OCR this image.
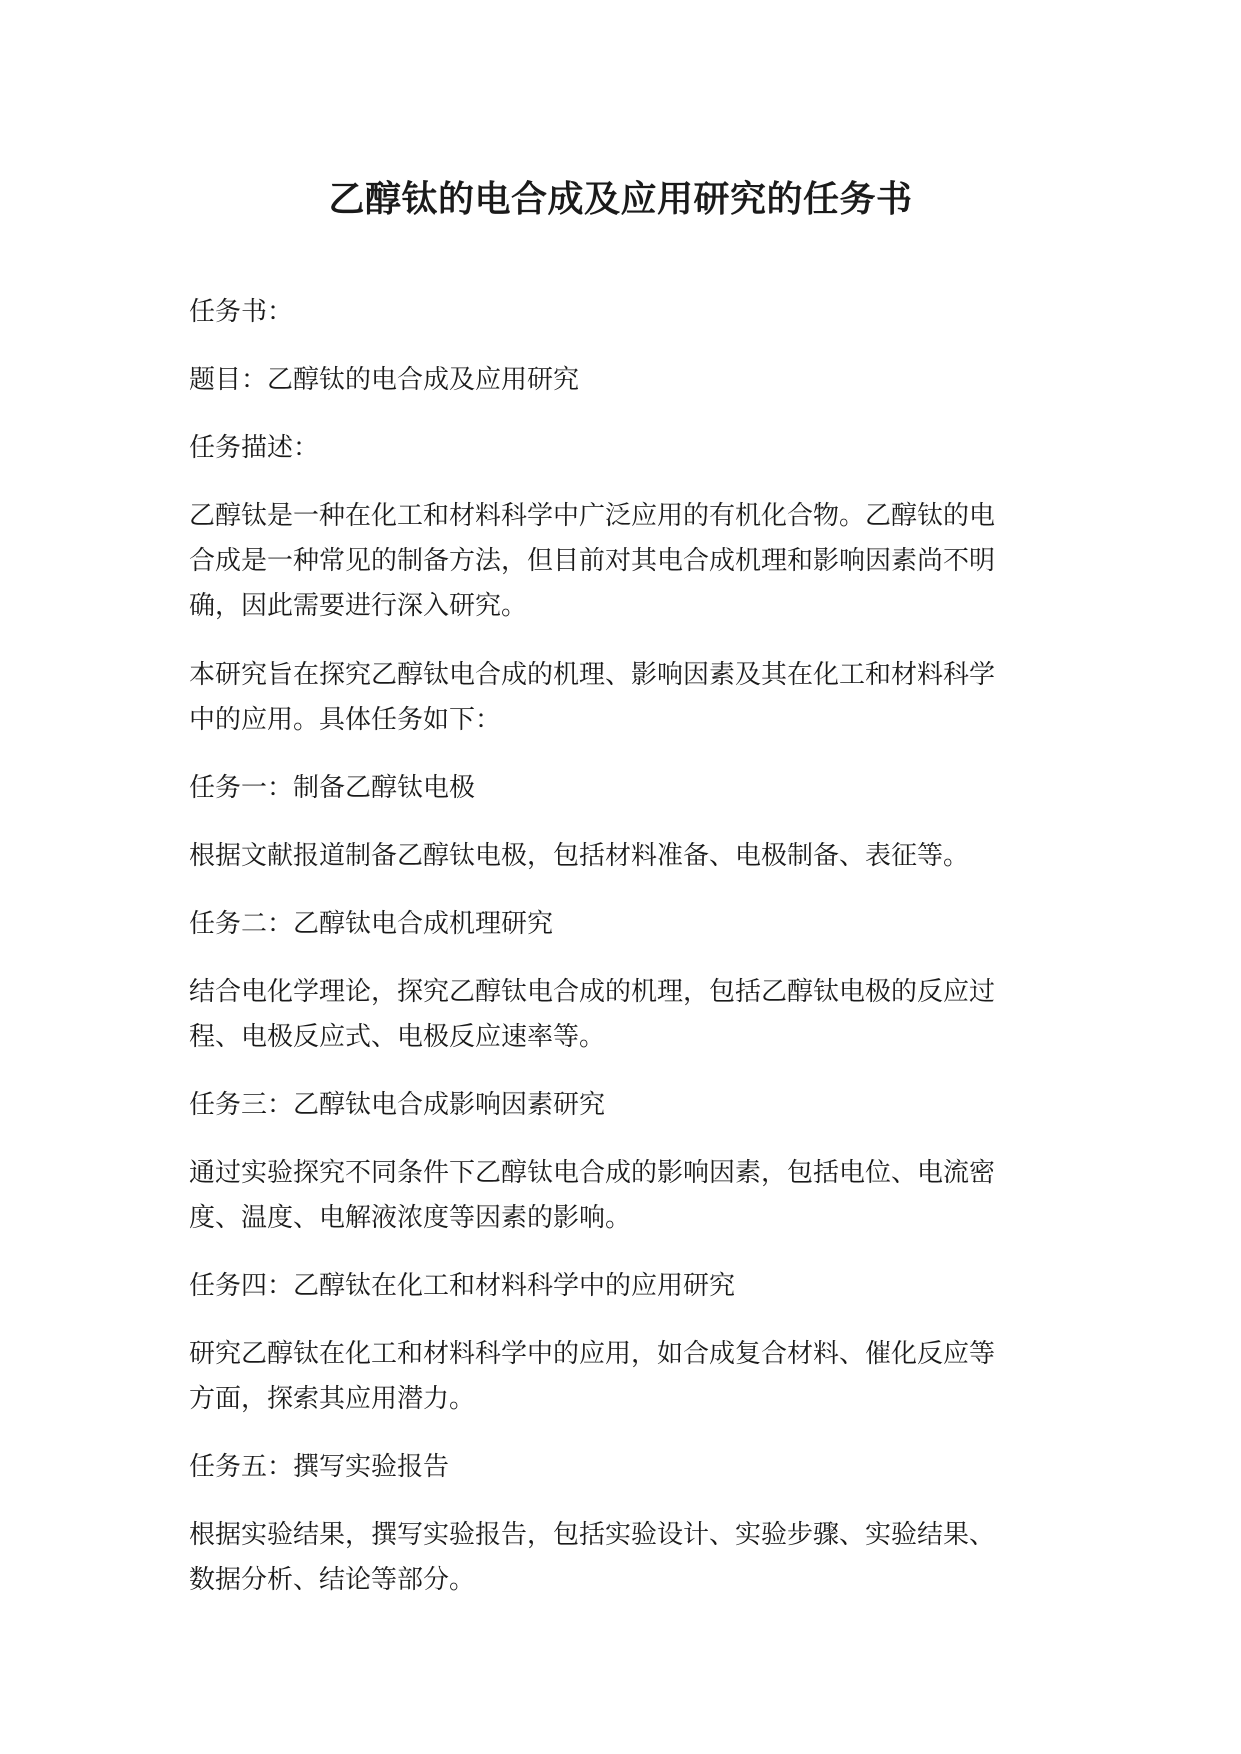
乙醇钛的电合成及应用研究的任务书

任务书：

题目：乙醇钛的电合成及应用研究

任务描述：

乙醇钛是一种在化工和材料科学中广泛应用的有机化合物。乙醇钛的电
合成是一种常见的制备方法，但目前对其电合成机理和影响因素尚不明
确，因此需要进行深入研究。

本研究旨在探究乙醇钛电合成的机理、影响因素及其在化工和材料科学
中的应用。具体任务如下：

任务一：制备乙醇钛电极

根据文献报道制备乙醇钛电极，包括材料准备、电极制备、表征等。

任务二：乙醇钛电合成机理研究

结合电化学理论，探究乙醇钛电合成的机理，包括乙醇钛电极的反应过
程、电极反应式、电极反应速率等。

任务三：乙醇钛电合成影响因素研究

通过实验探究不同条件下乙醇钛电合成的影响因素，包括电位、电流密
度、温度、电解液浓度等因素的影响。

任务四：乙醇钛在化工和材料科学中的应用研究

研究乙醇钛在化工和材料科学中的应用，如合成复合材料、催化反应等
方面，探索其应用潜力。

任务五：撰写实验报告

根据实验结果，撰写实验报告，包括实验设计、实验步骤、实验结果、
数据分析、结论等部分。
